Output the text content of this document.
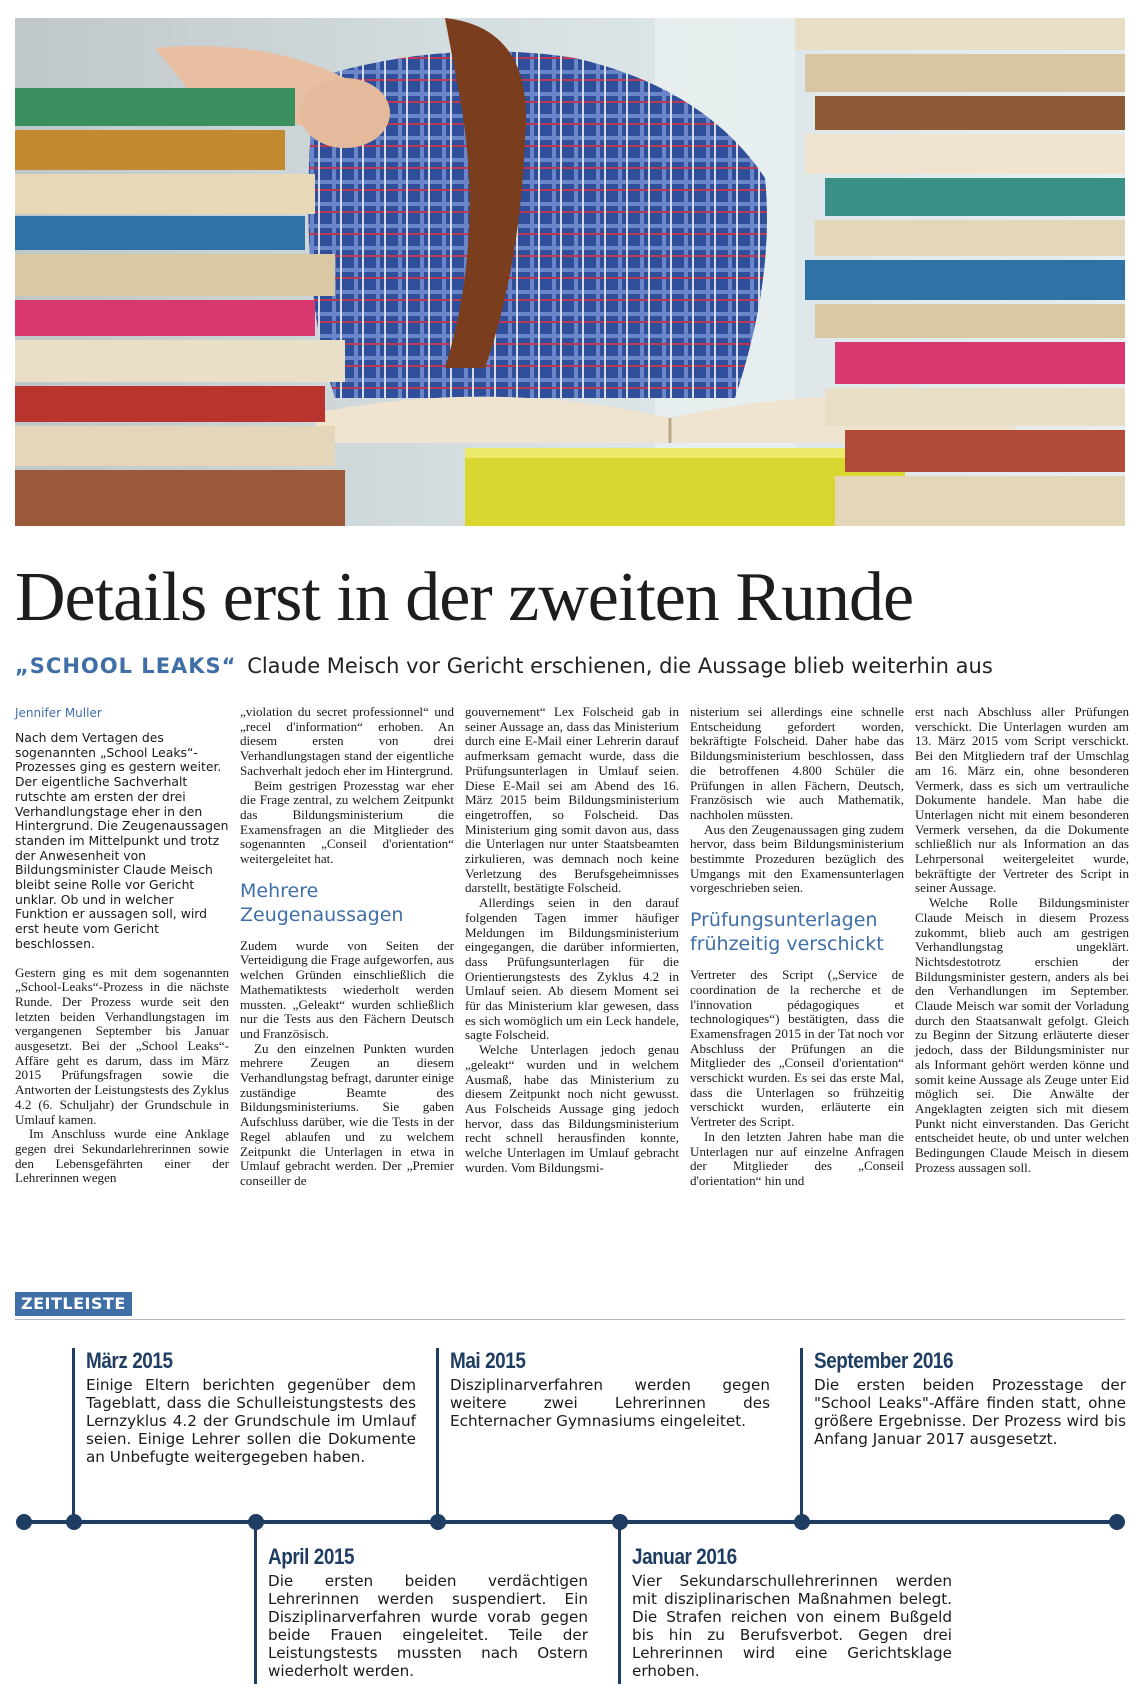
Details erst in der zweiten Runde

„SCHOOL LEAKS“ Claude Meisch vor Gericht erschienen, die Aussage blieb weiterhin aus

Jennifer Muller

Nach dem Vertagen des sogenannten „School Leaks“-Prozesses ging es gestern weiter. Der eigentliche Sachverhalt rutschte am ersten der drei Verhandlungstage eher in den Hintergrund. Die Zeugenaussagen standen im Mittelpunkt und trotz der Anwesenheit von Bildungsminister Claude Meisch bleibt seine Rolle vor Gericht unklar. Ob und in welcher Funktion er aussagen soll, wird erst heute vom Gericht beschlossen.

Gestern ging es mit dem sogenannten „School-Leaks“-Prozess in die nächste Runde. Der Prozess wurde seit den letzten beiden Verhandlungstagen im vergangenen September bis Januar ausgesetzt. Bei der „School Leaks“-Affäre geht es darum, dass im März 2015 Prüfungsfragen sowie die Antworten der Leistungstests des Zyklus 4.2 (6. Schuljahr) der Grundschule in Umlauf kamen.

Im Anschluss wurde eine Anklage gegen drei Sekundarlehrerinnen sowie den Lebensgefährten einer der Lehrerinnen wegen

„violation du secret professionnel“ und „recel d'information“ erhoben. An diesem ersten von drei Verhandlungstagen stand der eigentliche Sachverhalt jedoch eher im Hintergrund.

Beim gestrigen Prozesstag war eher die Frage zentral, zu welchem Zeitpunkt das Bildungsministerium die Examensfragen an die Mitglieder des sogenannten „Conseil d'orientation“ weitergeleitet hat.

Mehrere Zeugenaussagen

Zudem wurde von Seiten der Verteidigung die Frage aufgeworfen, aus welchen Gründen einschließlich die Mathematiktests wiederholt werden mussten. „Geleakt“ wurden schließlich nur die Tests aus den Fächern Deutsch und Französisch.

Zu den einzelnen Punkten wurden mehrere Zeugen an diesem Verhandlungstag befragt, darunter einige zuständige Beamte des Bildungsministeriums. Sie gaben Aufschluss darüber, wie die Tests in der Regel ablaufen und zu welchem Zeitpunkt die Unterlagen in etwa in Umlauf gebracht werden. Der „Premier conseiller de

gouvernement“ Lex Folscheid gab in seiner Aussage an, dass das Ministerium durch eine E-Mail einer Lehrerin darauf aufmerksam gemacht wurde, dass die Prüfungsunterlagen in Umlauf seien. Diese E-Mail sei am Abend des 16. März 2015 beim Bildungsministerium eingetroffen, so Folscheid. Das Ministerium ging somit davon aus, dass die Unterlagen nur unter Staatsbeamten zirkulieren, was demnach noch keine Verletzung des Berufsgeheimnisses darstellt, bestätigte Folscheid.

Allerdings seien in den darauf folgenden Tagen immer häufiger Meldungen im Bildungsministerium eingegangen, die darüber informierten, dass Prüfungsunterlagen für die Orientierungstests des Zyklus 4.2 in Umlauf seien. Ab diesem Moment sei für das Ministerium klar gewesen, dass es sich womöglich um ein Leck handele, sagte Folscheid.

Welche Unterlagen jedoch genau „geleakt“ wurden und in welchem Ausmaß, habe das Ministerium zu diesem Zeitpunkt noch nicht gewusst. Aus Folscheids Aussage ging jedoch hervor, dass das Bildungsministerium recht schnell herausfinden konnte, welche Unterlagen im Umlauf gebracht wurden. Vom Bildungsmi-

nisterium sei allerdings eine schnelle Entscheidung gefordert worden, bekräftigte Folscheid. Daher habe das Bildungsministerium beschlossen, dass die betroffenen 4.800 Schüler die Prüfungen in allen Fächern, Deutsch, Französisch wie auch Mathematik, nachholen müssten.

Aus den Zeugenaussagen ging zudem hervor, dass beim Bildungsministerium bestimmte Prozeduren bezüglich des Umgangs mit den Examensunterlagen vorgeschrieben seien.

Prüfungsunterlagen frühzeitig verschickt

Vertreter des Script („Service de coordination de la recherche et de l'innovation pédagogiques et technologiques“) bestätigten, dass die Examensfragen 2015 in der Tat noch vor Abschluss der Prüfungen an die Mitglieder des „Conseil d'orientation“ verschickt wurden. Es sei das erste Mal, dass die Unterlagen so frühzeitig verschickt wurden, erläuterte ein Vertreter des Script.

In den letzten Jahren habe man die Unterlagen nur auf einzelne Anfragen der Mitglieder des „Conseil d'orientation“ hin und

erst nach Abschluss aller Prüfungen verschickt. Die Unterlagen wurden am 13. März 2015 vom Script verschickt. Bei den Mitgliedern traf der Umschlag am 16. März ein, ohne besonderen Vermerk, dass es sich um vertrauliche Dokumente handele. Man habe die Unterlagen nicht mit einem besonderen Vermerk versehen, da die Dokumente schließlich nur als Information an das Lehrpersonal weitergeleitet wurde, bekräftigte der Vertreter des Script in seiner Aussage.

Welche Rolle Bildungsminister Claude Meisch in diesem Prozess zukommt, blieb auch am gestrigen Verhandlungstag ungeklärt. Nichtsdestotrotz erschien der Bildungsminister gestern, anders als bei den Verhandlungen im September. Claude Meisch war somit der Vorladung durch den Staatsanwalt gefolgt. Gleich zu Beginn der Sitzung erläuterte dieser jedoch, dass der Bildungsminister nur als Informant gehört werden könne und somit keine Aussage als Zeuge unter Eid möglich sei. Die Anwälte der Angeklagten zeigten sich mit diesem Punkt nicht einverstanden. Das Gericht entscheidet heute, ob und unter welchen Bedingungen Claude Meisch in diesem Prozess aussagen soll.

ZEITLEISTE
März 2015

Einige Eltern berichten gegenüber dem Tageblatt, dass die Schulleistungstests des Lernzyklus 4.2 der Grundschule im Umlauf seien. Einige Lehrer sollen die Dokumente an Unbefugte weitergegeben haben.

April 2015

Die ersten beiden verdächtigen Lehrerinnen werden suspendiert. Ein Disziplinarverfahren wurde vorab gegen beide Frauen eingeleitet. Teile der Leistungstests mussten nach Ostern wiederholt werden.

Mai 2015

Disziplinarverfahren werden gegen weitere zwei Lehrerinnen des Echternacher Gymnasiums eingeleitet.

Januar 2016

Vier Sekundarschullehrerinnen werden mit disziplinarischen Maßnahmen belegt. Die Strafen reichen von einem Bußgeld bis hin zu Berufsverbot. Gegen drei Lehrerinnen wird eine Gerichtsklage erhoben.

September 2016

Die ersten beiden Prozesstage der "School Leaks"-Affäre finden statt, ohne größere Ergebnisse. Der Prozess wird bis Anfang Januar 2017 ausgesetzt.
